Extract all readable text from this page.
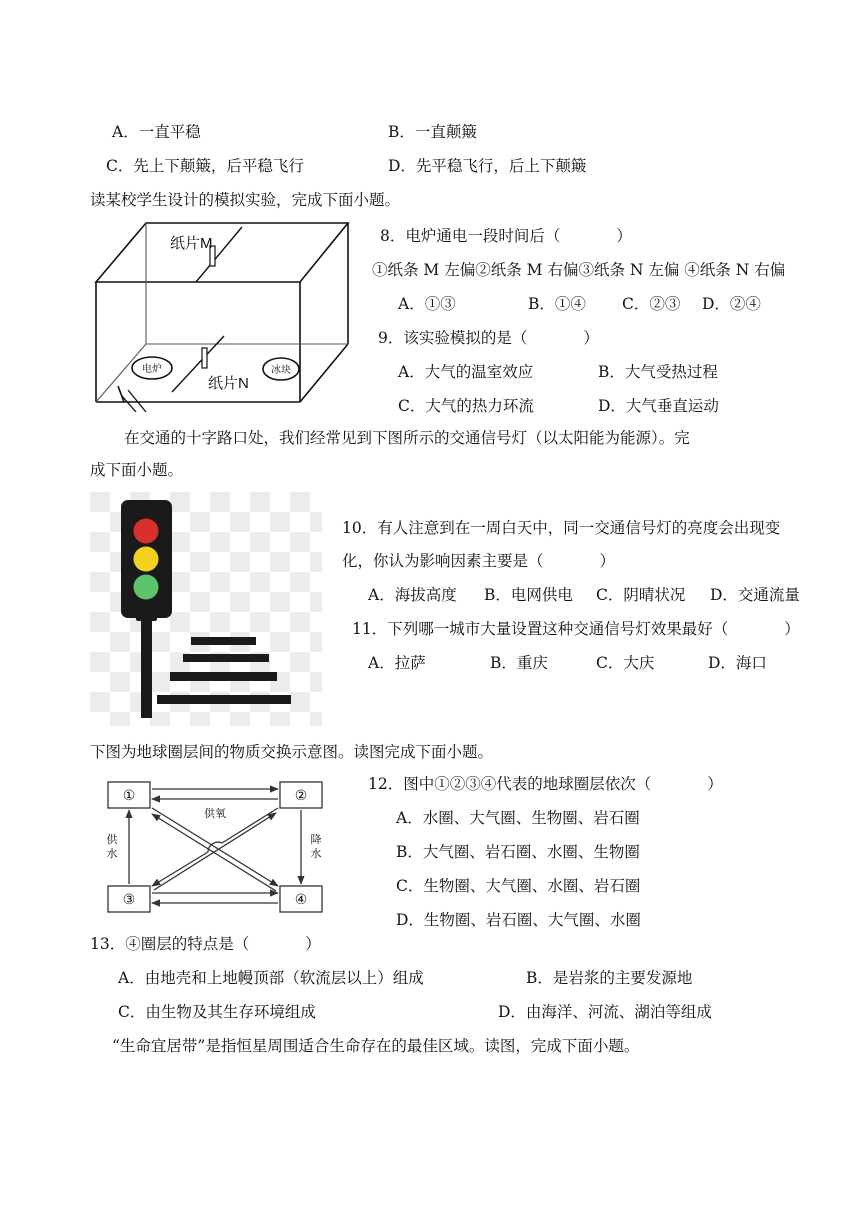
A．一直平稳	B．一直颠簸
C．先上下颠簸，后平稳飞行	D．先平稳飞行，后上下颠簸
读某校学生设计的模拟实验，完成下面小题。
纸片M
纸片N
电炉	冰块
8．电炉通电一段时间后（	）
①纸条 M 左偏②纸条 M 右偏③纸条 N 左偏 ④纸条 N 右偏
A．①③	B．①④ C．②③ D．②④
9．该实验模拟的是（	）
A．大气的温室效应	B．大气受热过程
C．大气的热力环流	D．大气垂直运动
在交通的十字路口处，我们经常见到下图所示的交通信号灯（以太阳能为能源）。完
成下面小题。
10．有人注意到在一周白天中，同一交通信号灯的亮度会出现变
化，你认为影响因素主要是（	）
A．海拔高度 B．电网供电 C．阴晴状况 D．交通流量
11．下列哪一城市大量设置这种交通信号灯效果最好（	）
A．拉萨	B．重庆	C．大庆	D．海口
下图为地球圈层间的物质交换示意图。读图完成下面小题。
①	②
③	④
供氧
供
水
降
水
12．图中①②③④代表的地球圈层依次（	）
A．水圈、大气圈、生物圈、岩石圈
B．大气圈、岩石圈、水圈、生物圈
C．生物圈、大气圈、水圈、岩石圈
D．生物圈、岩石圈、大气圈、水圈
13．④圈层的特点是（	）
A．由地壳和上地幔顶部（软流层以上）组成	B．是岩浆的主要发源地
C．由生物及其生存环境组成	D．由海洋、河流、湖泊等组成
“生命宜居带”是指恒星周围适合生命存在的最佳区域。读图，完成下面小题。
